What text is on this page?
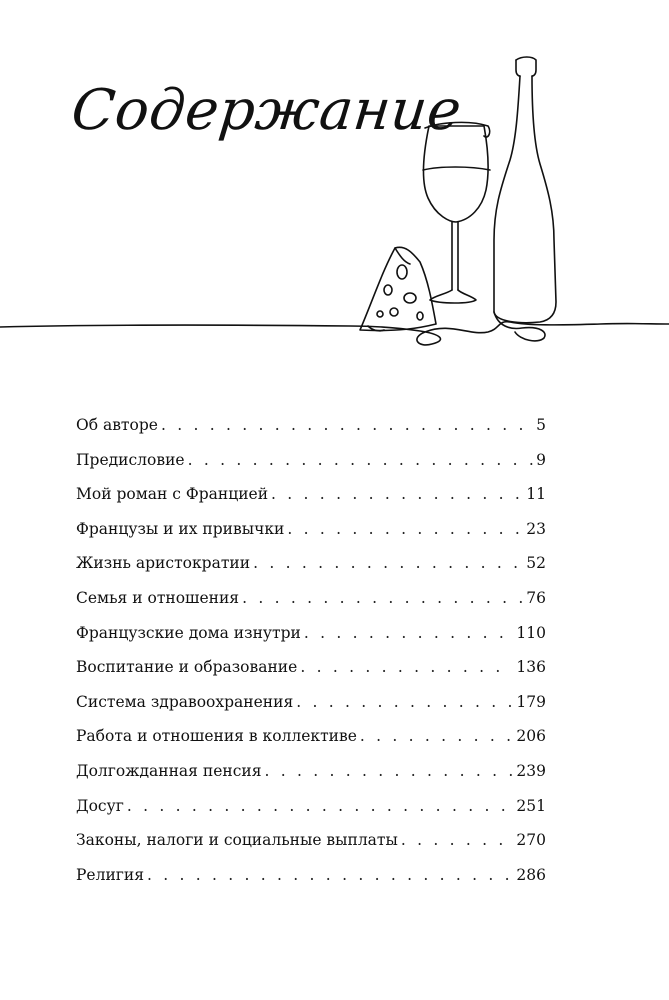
Содержание
Об авторе . . .	5
Предисловие . . .	9
Мой роман с Францией . . .	11
Французы и их привычки . . .	23
Жизнь аристократии . . .	52
Семья и отношения . . .	76
Французские дома изнутри . . .	110
Воспитание и образование . . .	136
Система здравоохранения . . .	179
Работа и отношения в коллективе . . .	206
Долгожданная пенсия . . .	239
Досуг . . .	251
Законы, налоги и социальные выплаты . . .	270
Религия . . .	286
